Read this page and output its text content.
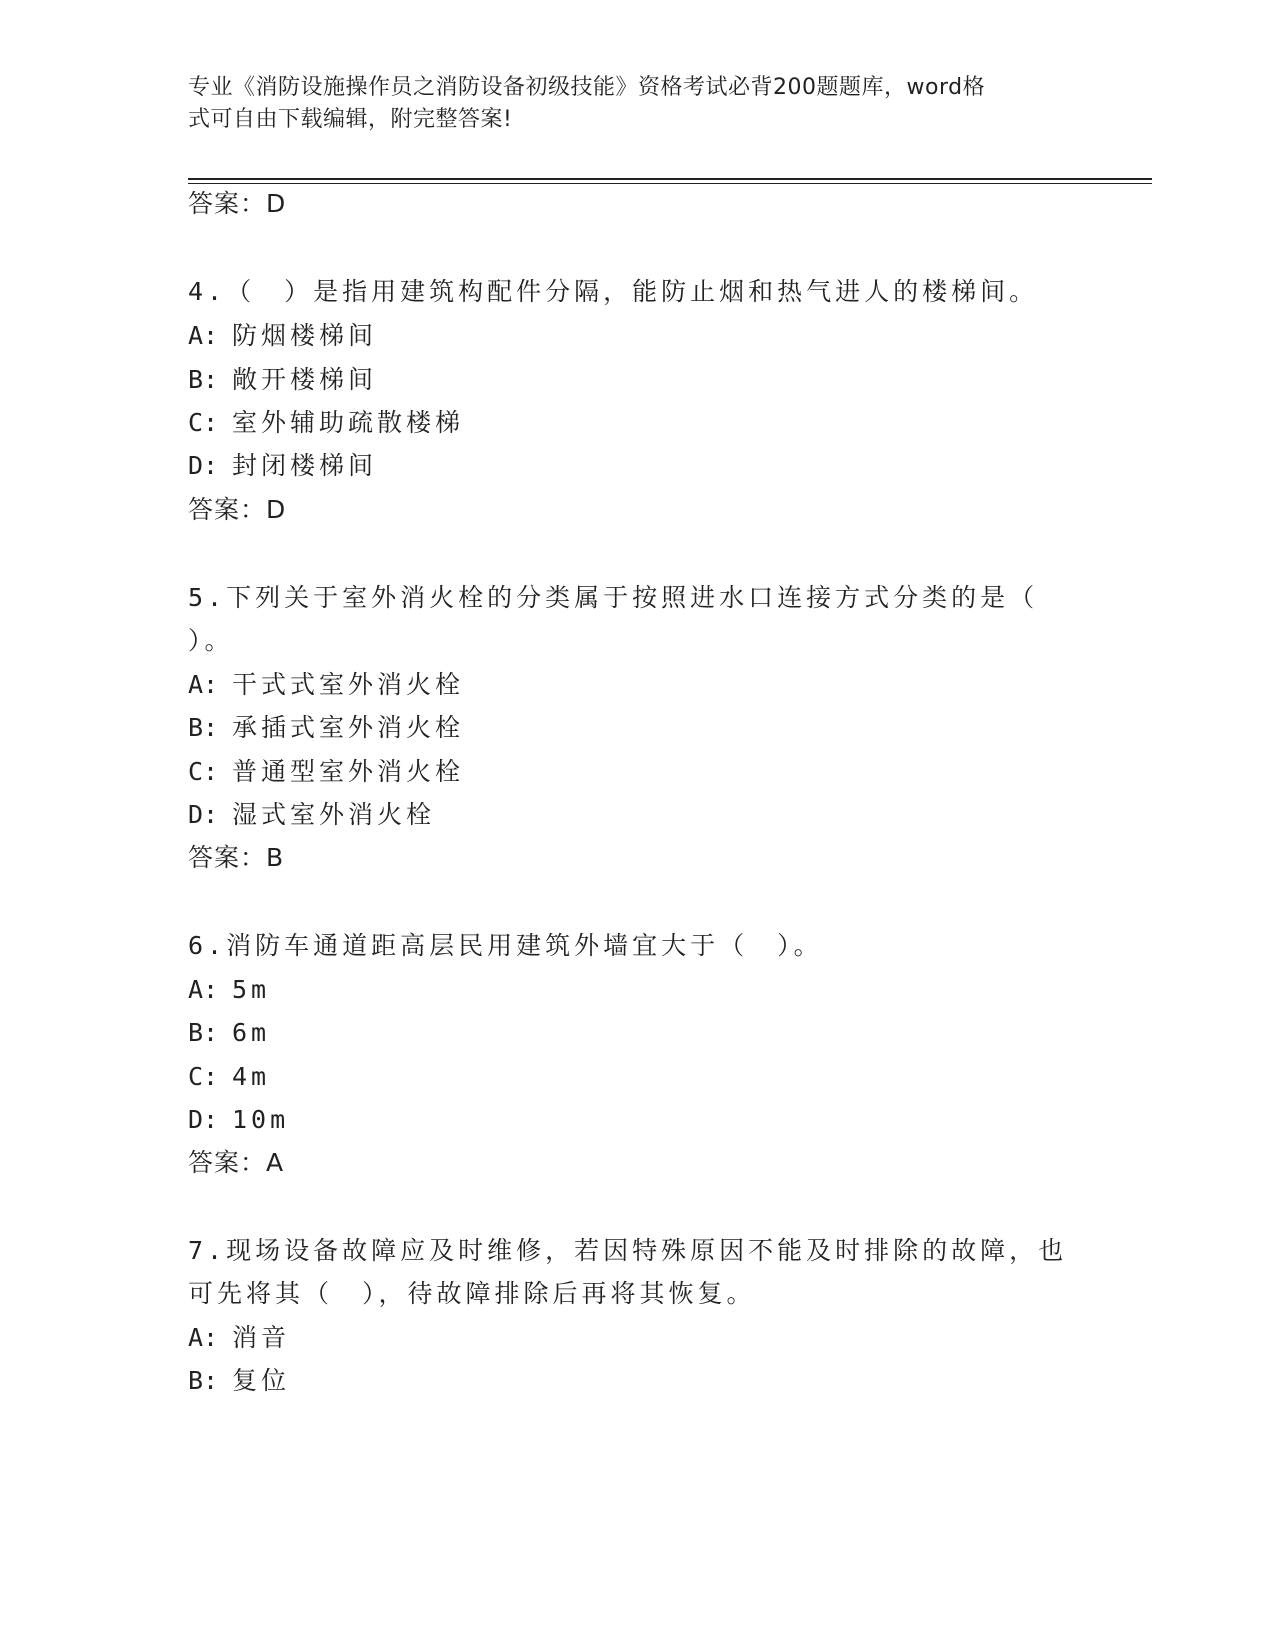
专业《消防设施操作员之消防设备初级技能》资格考试必背200题题库，word格
式可自由下载编辑，附完整答案!
答案：D
4.（　）是指用建筑构配件分隔，能防止烟和热气进人的楼梯间。
A: 防烟楼梯间
B: 敞开楼梯间
C: 室外辅助疏散楼梯
D: 封闭楼梯间
答案：D
5.下列关于室外消火栓的分类属于按照进水口连接方式分类的是（
）。
A: 干式式室外消火栓
B: 承插式室外消火栓
C: 普通型室外消火栓
D: 湿式室外消火栓
答案：B
6.消防车通道距高层民用建筑外墙宜大于（　）。
A: 5m
B: 6m
C: 4m
D: 10m
答案：A
7.现场设备故障应及时维修，若因特殊原因不能及时排除的故障，也
可先将其（　），待故障排除后再将其恢复。
A: 消音
B: 复位
